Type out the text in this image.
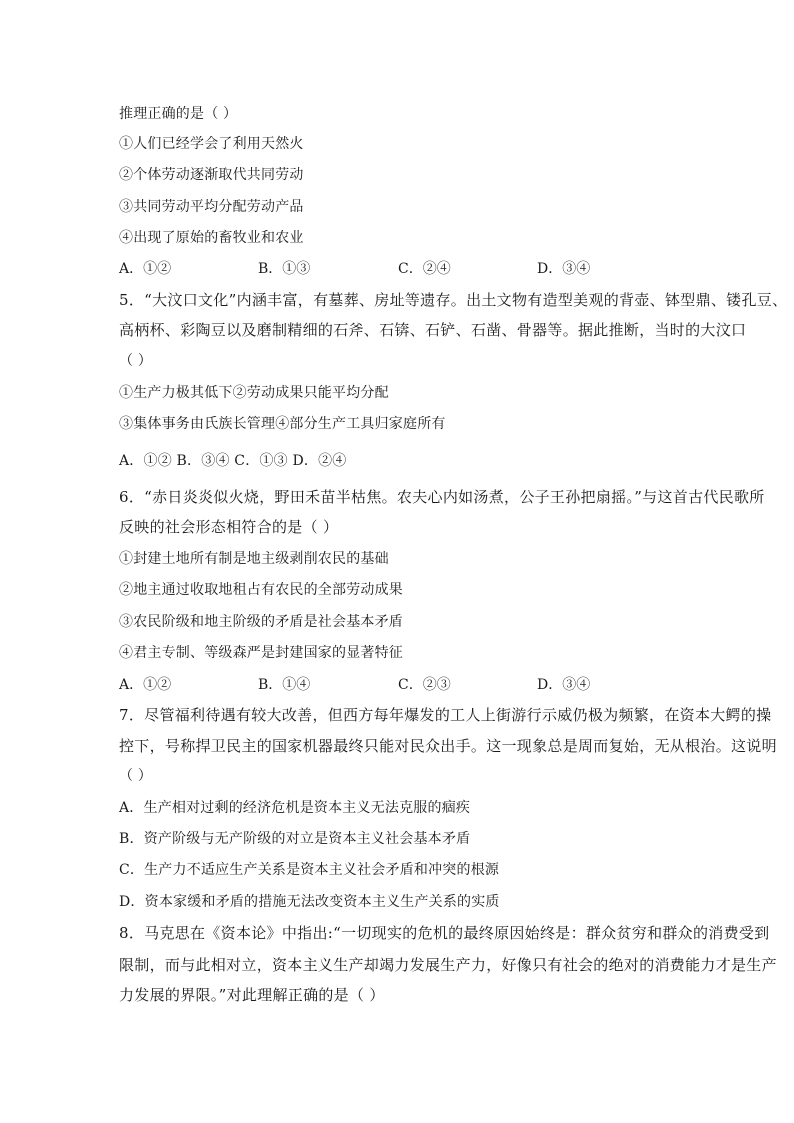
推理正确的是（ ）
①人们已经学会了利用天然火
②个体劳动逐渐取代共同劳动
③共同劳动平均分配劳动产品
④出现了原始的畜牧业和农业
A．①②	B．①③	C．②④	D．③④
5．“大汶口文化”内涵丰富，有墓葬、房址等遗存。出土文物有造型美观的背壶、钵型鼎、镂孔豆、
高柄杯、彩陶豆以及磨制精细的石斧、石锛、石铲、石凿、骨器等。据此推断，当时的大汶口
（ ）
①生产力极其低下②劳动成果只能平均分配
③集体事务由氏族长管理④部分生产工具归家庭所有
A．①② B．③④ C．①③ D．②④
6．“赤日炎炎似火烧，野田禾苗半枯焦。农夫心内如汤煮，公子王孙把扇摇。”与这首古代民歌所
反映的社会形态相符合的是（ ）
①封建土地所有制是地主级剥削农民的基础
②地主通过收取地租占有农民的全部劳动成果
③农民阶级和地主阶级的矛盾是社会基本矛盾
④君主专制、等级森严是封建国家的显著特征
A．①②	B．①④	C．②③	D．③④
7．尽管福利待遇有较大改善，但西方每年爆发的工人上街游行示威仍极为频繁，在资本大鳄的操
控下，号称捍卫民主的国家机器最终只能对民众出手。这一现象总是周而复始，无从根治。这说明
（ ）
A．生产相对过剩的经济危机是资本主义无法克服的痼疾
B．资产阶级与无产阶级的对立是资本主义社会基本矛盾
C．生产力不适应生产关系是资本主义社会矛盾和冲突的根源
D．资本家缓和矛盾的措施无法改变资本主义生产关系的实质
8．马克思在《资本论》中指出:“一切现实的危机的最终原因始终是：群众贫穷和群众的消费受到
限制，而与此相对立，资本主义生产却竭力发展生产力，好像只有社会的绝对的消费能力才是生产
力发展的界限。”对此理解正确的是（ ）
